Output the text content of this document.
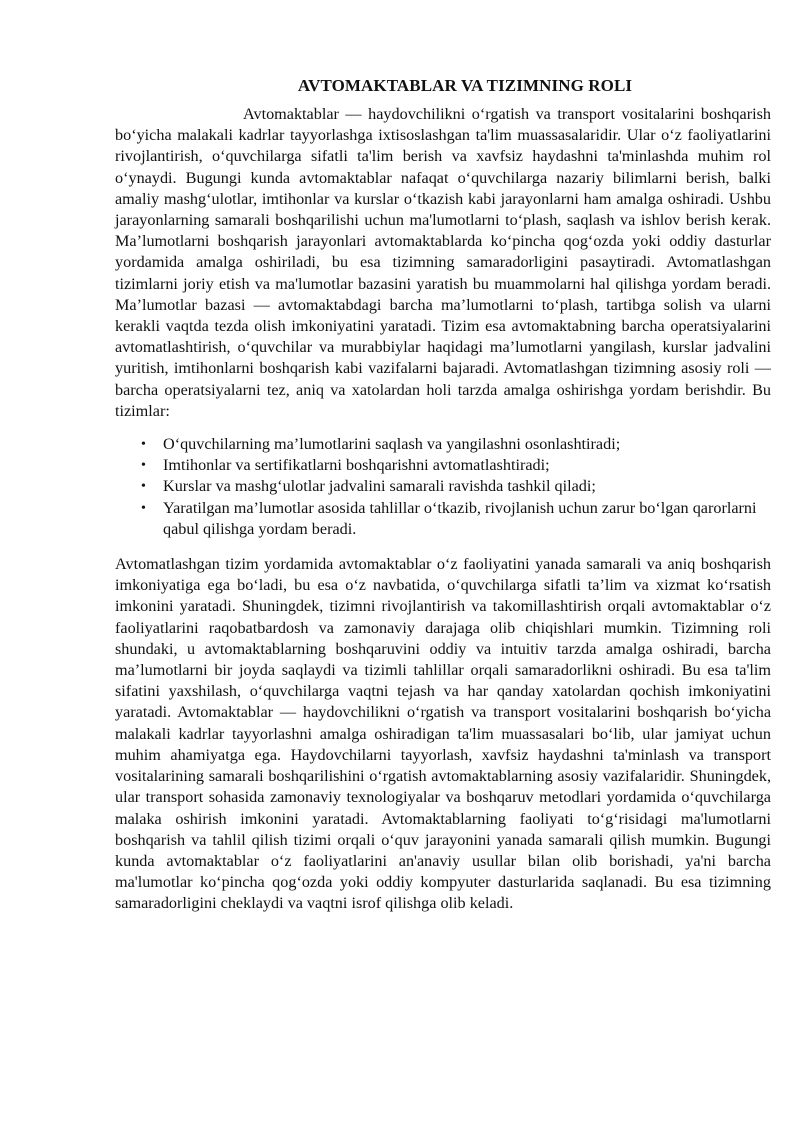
AVTOMAKTABLAR VA TIZIMNING ROLI

Avtomaktablar — haydovchilikni o‘rgatish va transport vositalarini boshqarish bo‘yicha malakali kadrlar tayyorlashga ixtisoslashgan ta'lim muassasalaridir. Ular o‘z faoliyatlarini rivojlantirish, o‘quvchilarga sifatli ta'lim berish va xavfsiz haydashni ta'minlashda muhim rol o‘ynaydi. Bugungi kunda avtomaktablar nafaqat o‘quvchilarga nazariy bilimlarni berish, balki amaliy mashg‘ulotlar, imtihonlar va kurslar o‘tkazish kabi jarayonlarni ham amalga oshiradi. Ushbu jarayonlarning samarali boshqarilishi uchun ma'lumotlarni to‘plash, saqlash va ishlov berish kerak. Ma’lumotlarni boshqarish jarayonlari avtomaktablarda ko‘pincha qog‘ozda yoki oddiy dasturlar yordamida amalga oshiriladi, bu esa tizimning samaradorligini pasaytiradi. Avtomatlashgan tizimlarni joriy etish va ma'lumotlar bazasini yaratish bu muammolarni hal qilishga yordam beradi. Ma’lumotlar bazasi — avtomaktabdagi barcha ma’lumotlarni to‘plash, tartibga solish va ularni kerakli vaqtda tezda olish imkoniyatini yaratadi. Tizim esa avtomaktabning barcha operatsiyalarini avtomatlashtirish, o‘quvchilar va murabbiylar haqidagi ma’lumotlarni yangilash, kurslar jadvalini yuritish, imtihonlarni boshqarish kabi vazifalarni bajaradi. Avtomatlashgan tizimning asosiy roli — barcha operatsiyalarni tez, aniq va xatolardan holi tarzda amalga oshirishga yordam berishdir. Bu tizimlar:

• O‘quvchilarning ma’lumotlarini saqlash va yangilashni osonlashtiradi;
• Imtihonlar va sertifikatlarni boshqarishni avtomatlashtiradi;
• Kurslar va mashg‘ulotlar jadvalini samarali ravishda tashkil qiladi;
• Yaratilgan ma’lumotlar asosida tahlillar o‘tkazib, rivojlanish uchun zarur bo‘lgan qarorlarni qabul qilishga yordam beradi.

Avtomatlashgan tizim yordamida avtomaktablar o‘z faoliyatini yanada samarali va aniq boshqarish imkoniyatiga ega bo‘ladi, bu esa o‘z navbatida, o‘quvchilarga sifatli ta’lim va xizmat ko‘rsatish imkonini yaratadi. Shuningdek, tizimni rivojlantirish va takomillashtirish orqali avtomaktablar o‘z faoliyatlarini raqobatbardosh va zamonaviy darajaga olib chiqishlari mumkin. Tizimning roli shundaki, u avtomaktablarning boshqaruvini oddiy va intuitiv tarzda amalga oshiradi, barcha ma’lumotlarni bir joyda saqlaydi va tizimli tahlillar orqali samaradorlikni oshiradi. Bu esa ta'lim sifatini yaxshilash, o‘quvchilarga vaqtni tejash va har qanday xatolardan qochish imkoniyatini yaratadi. Avtomaktablar — haydovchilikni o‘rgatish va transport vositalarini boshqarish bo‘yicha malakali kadrlar tayyorlashni amalga oshiradigan ta'lim muassasalari bo‘lib, ular jamiyat uchun muhim ahamiyatga ega. Haydovchilarni tayyorlash, xavfsiz haydashni ta'minlash va transport vositalarining samarali boshqarilishini o‘rgatish avtomaktablarning asosiy vazifalaridir. Shuningdek, ular transport sohasida zamonaviy texnologiyalar va boshqaruv metodlari yordamida o‘quvchilarga malaka oshirish imkonini yaratadi. Avtomaktablarning faoliyati to‘g‘risidagi ma'lumotlarni boshqarish va tahlil qilish tizimi orqali o‘quv jarayonini yanada samarali qilish mumkin. Bugungi kunda avtomaktablar o‘z faoliyatlarini an'anaviy usullar bilan olib borishadi, ya'ni barcha ma'lumotlar ko‘pincha qog‘ozda yoki oddiy kompyuter dasturlarida saqlanadi. Bu esa tizimning samaradorligini cheklaydi va vaqtni isrof qilishga olib keladi.
